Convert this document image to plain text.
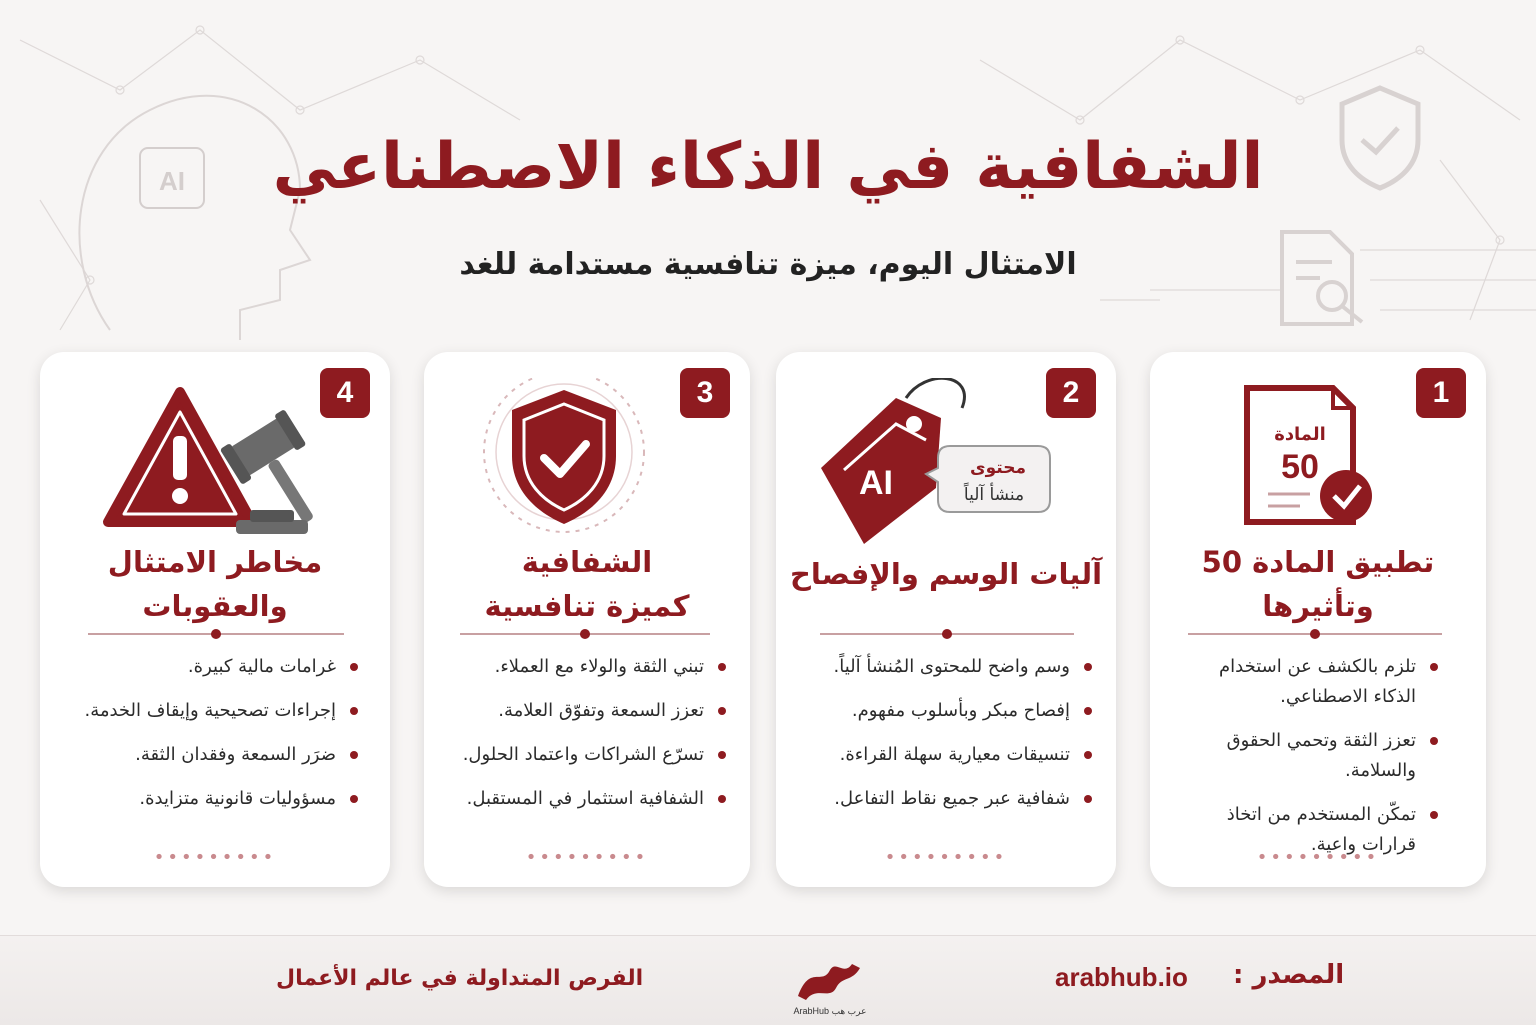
AI	الشفافية في الذكاء الاصطناعي
الامتثال اليوم، ميزة تنافسية مستدامة للغد
1
المادة
50
تطبيق المادة 50 وتأثيرها
تلزم بالكشف عن استخدام الذكاء الاصطناعي.
تعزز الثقة وتحمي الحقوق والسلامة.
تمكّن المستخدم من اتخاذ قرارات واعية.
•••••••••
2
AI	محتوى
منشأ آلياً
آليات الوسم والإفصاح
وسم واضح للمحتوى المُنشأ آلياً.
إفصاح مبكر وبأسلوب مفهوم.
تنسيقات معيارية سهلة القراءة.
شفافية عبر جميع نقاط التفاعل.
•••••••••
3
الشفافية كميزة تنافسية
تبني الثقة والولاء مع العملاء.
تعزز السمعة وتفوّق العلامة.
تسرّع الشراكات واعتماد الحلول.
الشفافية استثمار في المستقبل.
•••••••••
4
مخاطر الامتثال والعقوبات
غرامات مالية كبيرة.
إجراءات تصحيحية وإيقاف الخدمة.
ضرَر السمعة وفقدان الثقة.
مسؤوليات قانونية متزايدة.
•••••••••
المصدر :
arabhub.io
عرب هب ArabHub
الفرص المتداولة في عالم الأعمال
